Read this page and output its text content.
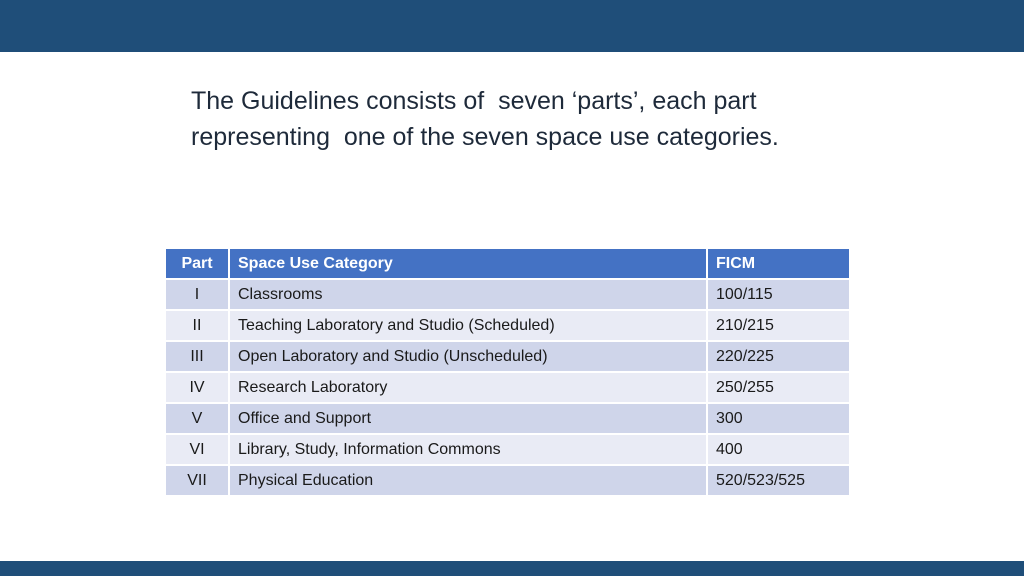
The Guidelines consists of  seven ‘parts’, each part
representing  one of the seven space use categories.
Part	Space Use Category	FICM
I	Classrooms	100/115
II	Teaching Laboratory and Studio (Scheduled)	210/215
III	Open Laboratory and Studio (Unscheduled)	220/225
IV	Research Laboratory	250/255
V	Office and Support	300
VI	Library, Study, Information Commons	400
VII	Physical Education	520/523/525
